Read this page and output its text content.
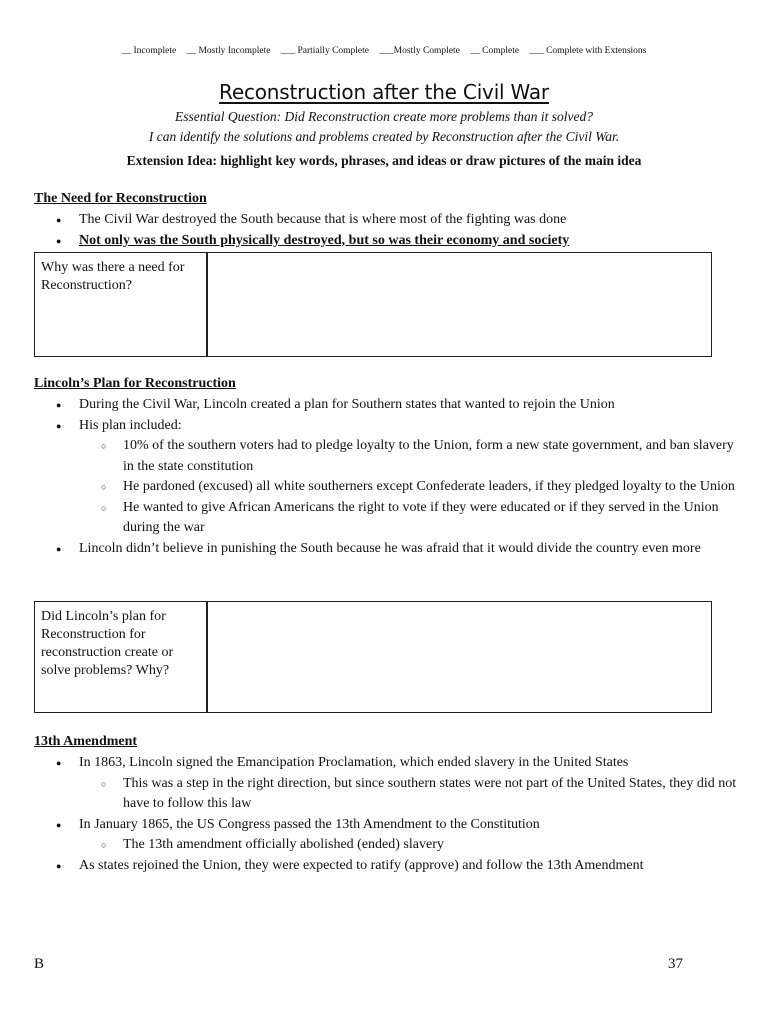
__ Incomplete __ Mostly Incomplete ___ Partially Complete ___Mostly Complete __ Complete ___ Complete with Extensions
Reconstruction after the Civil War
Essential Question: Did Reconstruction create more problems than it solved?
I can identify the solutions and problems created by Reconstruction after the Civil War.
Extension Idea: highlight key words, phrases, and ideas or draw pictures of the main idea
The Need for Reconstruction
● The Civil War destroyed the South because that is where most of the fighting was done
● Not only was the South physically destroyed, but so was their economy and society
Why was there a need for Reconstruction?
Lincoln’s Plan for Reconstruction
● During the Civil War, Lincoln created a plan for Southern states that wanted to rejoin the Union
● His plan included:
○ 10% of the southern voters had to pledge loyalty to the Union, form a new state government, and ban slavery in the state constitution
○ He pardoned (excused) all white southerners except Confederate leaders, if they pledged loyalty to the Union
○ He wanted to give African Americans the right to vote if they were educated or if they served in the Union during the war
● Lincoln didn’t believe in punishing the South because he was afraid that it would divide the country even more
Did Lincoln’s plan for Reconstruction for reconstruction create or solve problems? Why?
13th Amendment
● In 1863, Lincoln signed the Emancipation Proclamation, which ended slavery in the United States
○ This was a step in the right direction, but since southern states were not part of the United States, they did not have to follow this law
● In January 1865, the US Congress passed the 13th Amendment to the Constitution
○ The 13th amendment officially abolished (ended) slavery
● As states rejoined the Union, they were expected to ratify (approve) and follow the 13th Amendment
B	37
